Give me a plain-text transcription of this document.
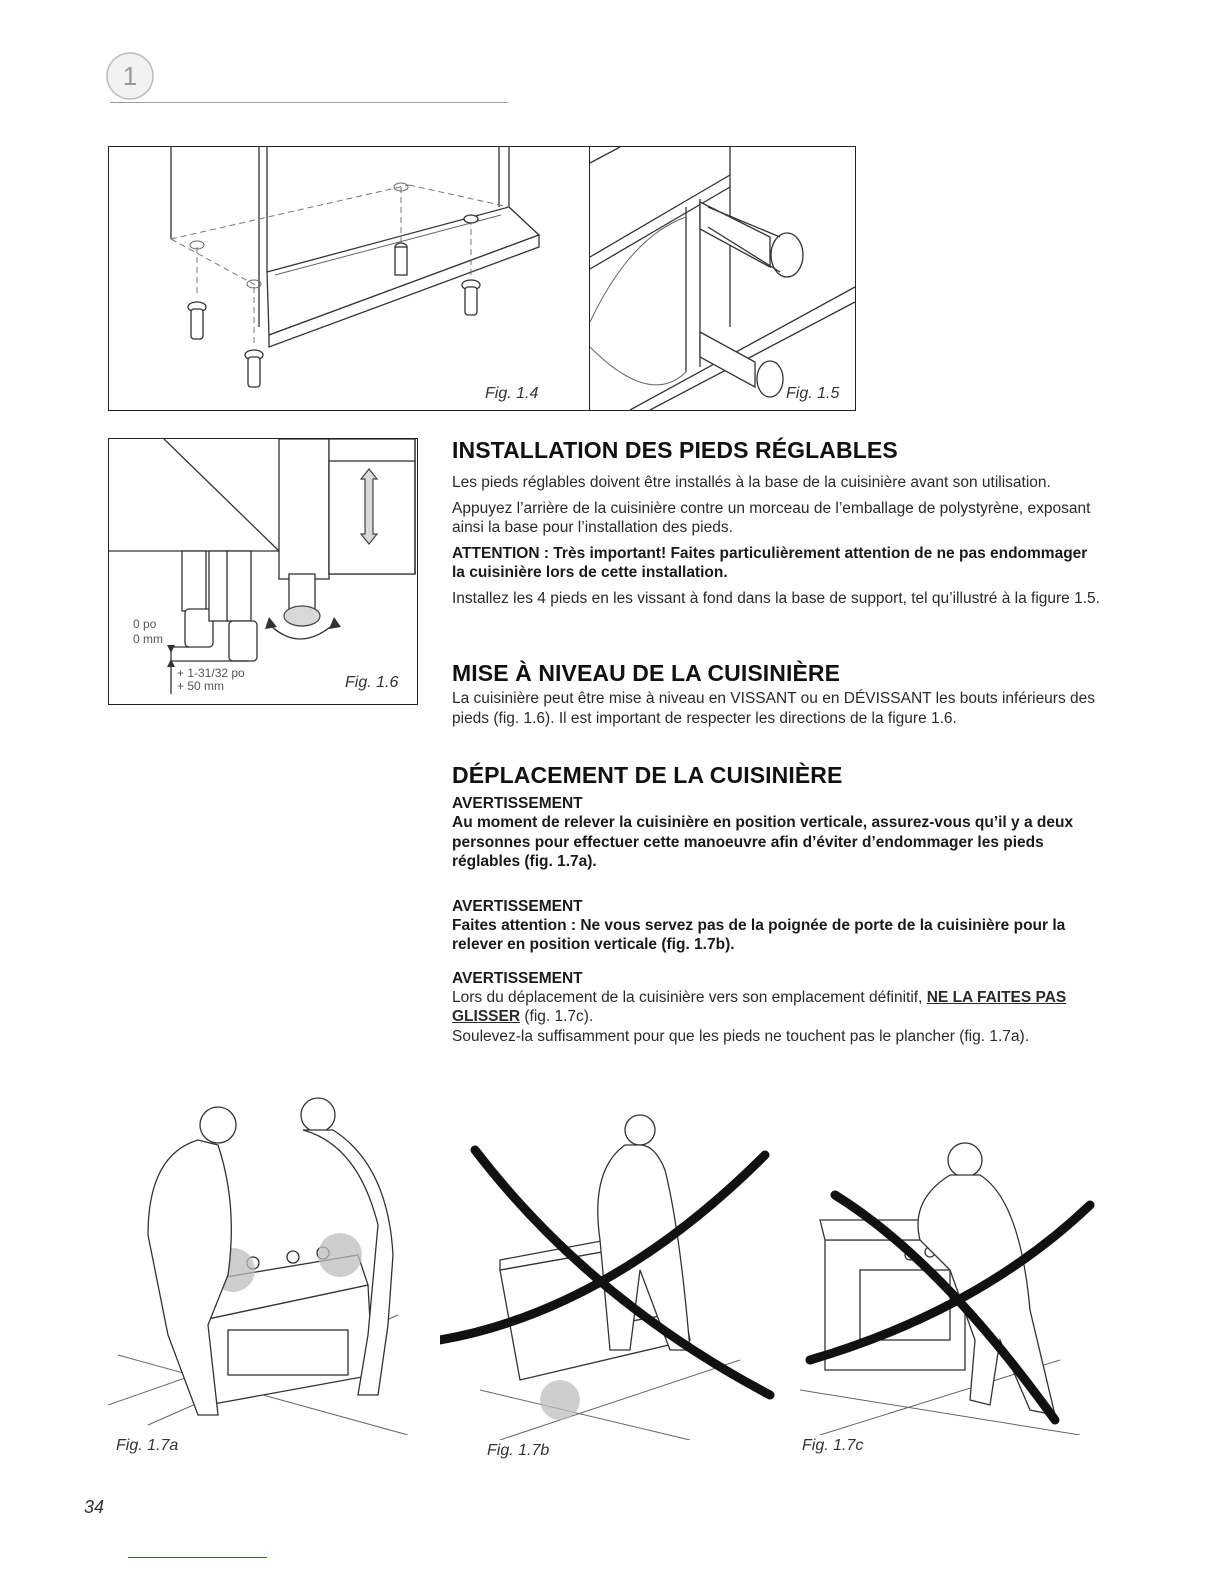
1
Fig. 1.4	Fig. 1.5
0 po
0 mm
+ 1-31/32 po
+ 50 mm	Fig. 1.6
INSTALLATION DES PIEDS RÉGLABLES

Les pieds réglables doivent être installés à la base de la cuisinière avant son utilisation.

Appuyez l’arrière de la cuisinière contre un morceau de l’emballage de polystyrène, exposant ainsi la base pour l’installation des pieds.

ATTENTION : Très important! Faites particulièrement attention de ne pas endommager la cuisinière lors de cette installation.

Installez les 4 pieds en les vissant à fond dans la base de support, tel qu’illustré à la figure 1.5.

MISE À NIVEAU DE LA CUISINIÈRE

La cuisinière peut être mise à niveau en VISSANT ou en DÉVISSANT les bouts inférieurs des pieds (fig. 1.6). Il est important de respecter les directions de la figure 1.6.

DÉPLACEMENT DE LA CUISINIÈRE
AVERTISSEMENT
Au moment de relever la cuisinière en position verticale, assurez-vous qu’il y a deux personnes pour effectuer cette manoeuvre afin d’éviter d’endommager les pieds réglables (fig. 1.7a).
AVERTISSEMENT
Faites attention : Ne vous servez pas de la poignée de porte de la cuisinière pour la relever en position verticale (fig. 1.7b).
AVERTISSEMENT

Lors du déplacement de la cuisinière vers son emplacement définitif, NE LA FAITES PAS GLISSER (fig. 1.7c).

Soulevez-la suffisamment pour que les pieds ne touchent pas le plancher (fig. 1.7a).

Fig. 1.7a	Fig. 1.7b	Fig. 1.7c
34
